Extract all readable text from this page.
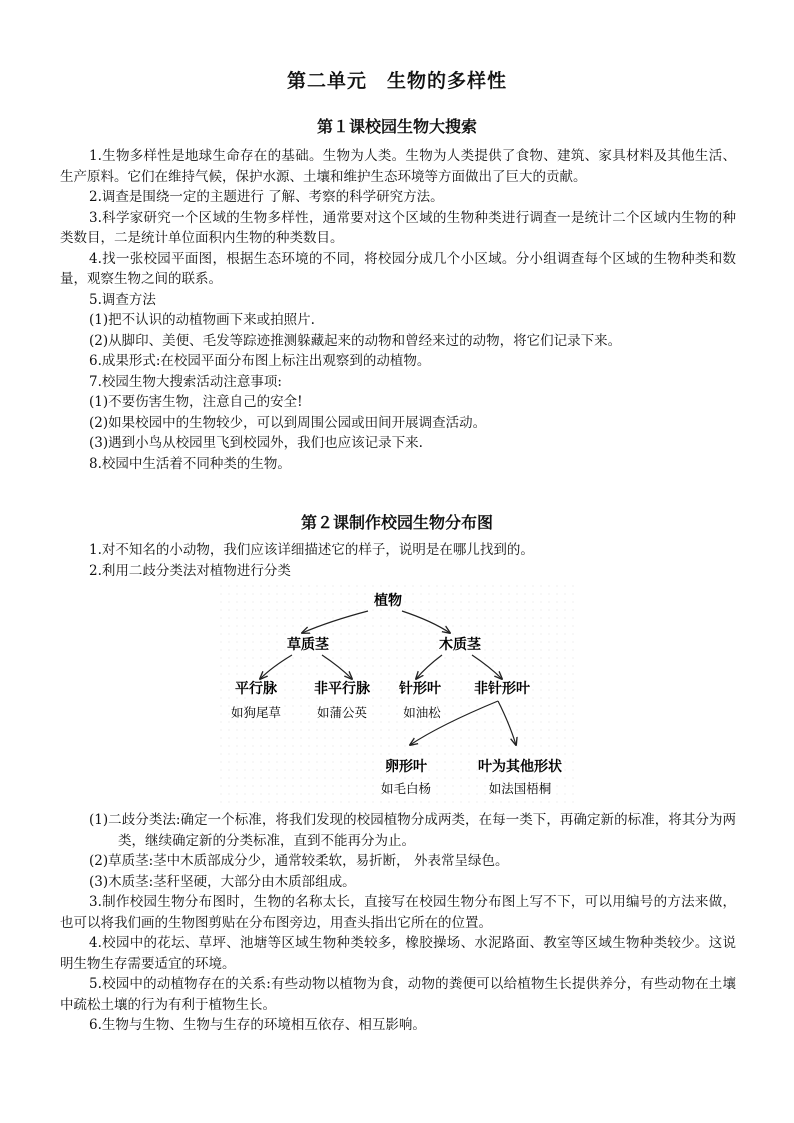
第二单元　生物的多样性
第１课校园生物大搜索

1.生物多样性是地球生命存在的基础。生物为人类。生物为人类提供了食物、建筑、家具材料及其他生活、生产原料。它们在维持气候，保护水源、土壤和维护生态环境等方面做出了巨大的贡献。

2.调查是围绕一定的主题进行 了解、考察的科学研究方法。

3.科学家研究一个区域的生物多样性，通常要对这个区域的生物种类进行调查一是统计二个区域内生物的种类数目，二是统计单位面积内生物的种类数目。

4.找一张校园平面图，根据生态环境的不同，将校园分成几个小区域。分小组调查每个区域的生物种类和数量，观察生物之间的联系。

5.调查方法

(1)把不认识的动植物画下来或拍照片.

(2)从脚印、美便、毛发等踪迹推测躲藏起来的动物和曾经来过的动物，将它们记录下来。

6.成果形式:在校园平面分布图上标注出观察到的动植物。

7.校园生物大搜索活动注意事项:

(1)不要伤害生物，注意自己的安全!

(2)如果校园中的生物较少，可以到周围公园或田间开展调查活动。

(3)遇到小鸟从校园里飞到校园外，我们也应该记录下来.

8.校园中生活着不同种类的生物。

第２课制作校园生物分布图

1.对不知名的小动物，我们应该详细描述它的样子，说明是在哪儿找到的。

2.利用二歧分类法对植物进行分类

植物
草质茎	木质茎
平行脉	非平行脉 针形叶 非针形叶
如狗尾草	如蒲公英	如油松
卵形叶	叶为其他形状
如毛白杨	如法国梧桐

(1)二歧分类法:确定一个标准，将我们发现的校园植物分成两类，在每一类下，再确定新的标准，将其分为两类，继续确定新的分类标准，直到不能再分为止。

(2)草质茎:茎中木质部成分少，通常较柔软，易折断， 外表常呈绿色。

(3)木质茎:茎秆坚硬，大部分由木质部组成。

3.制作校园生物分布图时，生物的名称太长，直接写在校园生物分布图上写不下，可以用编号的方法来做，也可以将我们画的生物图剪贴在分布图旁边，用查头指出它所在的位置。

4.校园中的花坛、草坪、池塘等区域生物种类较多，橡胶操场、水泥路面、教室等区域生物种类较少。这说明生物生存需要适宜的环境。

5.校园中的动植物存在的关系:有些动物以植物为食，动物的粪便可以给植物生长提供养分，有些动物在土壤中疏松土壤的行为有利于植物生长。

6.生物与生物、生物与生存的环境相互依存、相互影响。
